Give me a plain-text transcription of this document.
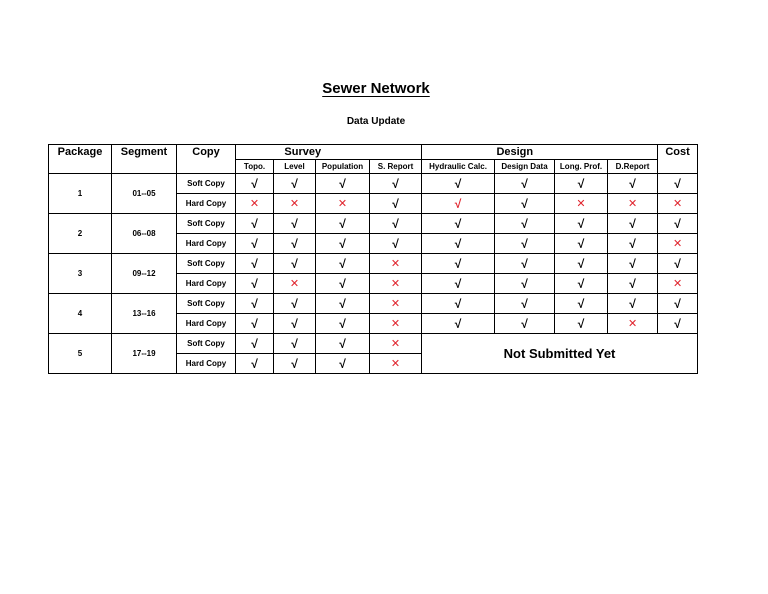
Sewer Network
Data Update
Package	Segment	Copy	Survey				Design				Cost
			Topo.	Level	Population	S. Report	Hydraulic Calc.	Design Data	Long. Prof.	D.Report	
1	01--05	Soft Copy	√	√	√	√	√	√	√	√	√
		Hard Copy	✕	✕	✕	√	√	√	✕	✕	✕
2	06--08	Soft Copy	√	√	√	√	√	√	√	√	√
		Hard Copy	√	√	√	√	√	√	√	√	✕
3	09--12	Soft Copy	√	√	√	✕	√	√	√	√	√
		Hard Copy	√	✕	√	✕	√	√	√	√	✕
4	13--16	Soft Copy	√	√	√	✕	√	√	√	√	√
		Hard Copy	√	√	√	✕	√	√	√	✕	√
5	17--19	Soft Copy	√	√	√	✕	Not Submitted Yet				
		Hard Copy	√	√	√	✕					
